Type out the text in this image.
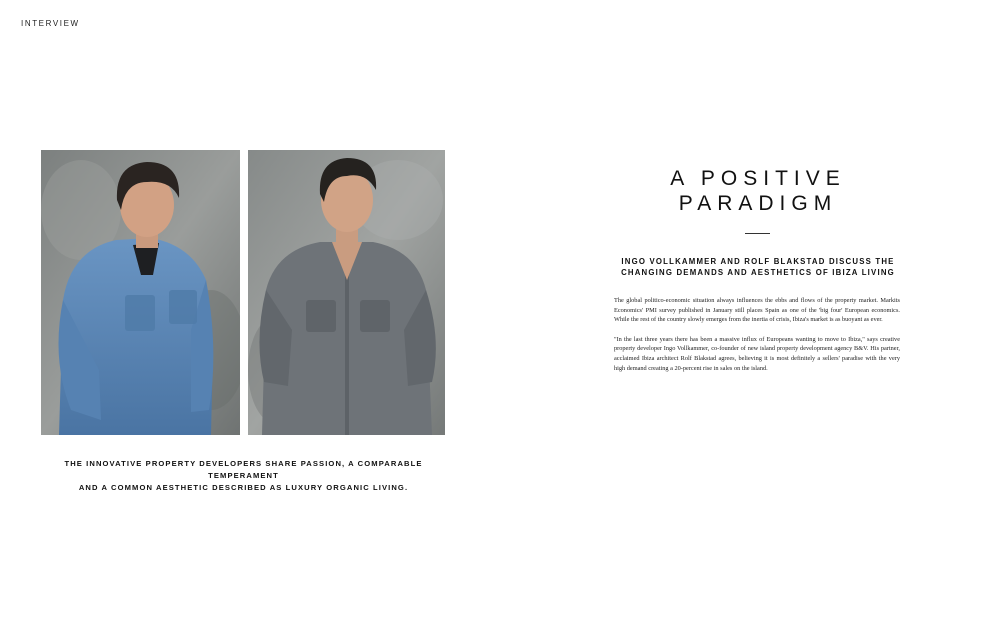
INTERVIEW
THE INNOVATIVE PROPERTY DEVELOPERS SHARE PASSION, A COMPARABLE TEMPERAMENT
AND A COMMON AESTHETIC DESCRIBED AS LUXURY ORGANIC LIVING.
A POSITIVE
PARADIGM
INGO VOLLKAMMER AND ROLF BLAKSTAD DISCUSS THE
CHANGING DEMANDS AND AESTHETICS OF IBIZA LIVING

The global politico-economic situation always influences the ebbs and flows of the property market. Markits Economics' PMI survey published in January still places Spain as one of the 'big four' European economics. While the rest of the country slowly emerges from the inertia of crisis, Ibiza's market is as buoyant as ever.

"In the last three years there has been a massive influx of Europeans wanting to move to Ibiza," says creative property developer Ingo Vollkammer, co-founder of new island property development agency B&V. His partner, acclaimed Ibiza architect Rolf Blakstad agrees, believing it is most definitely a sellers' paradise with the very high demand creating a 20-percent rise in sales on the island.
